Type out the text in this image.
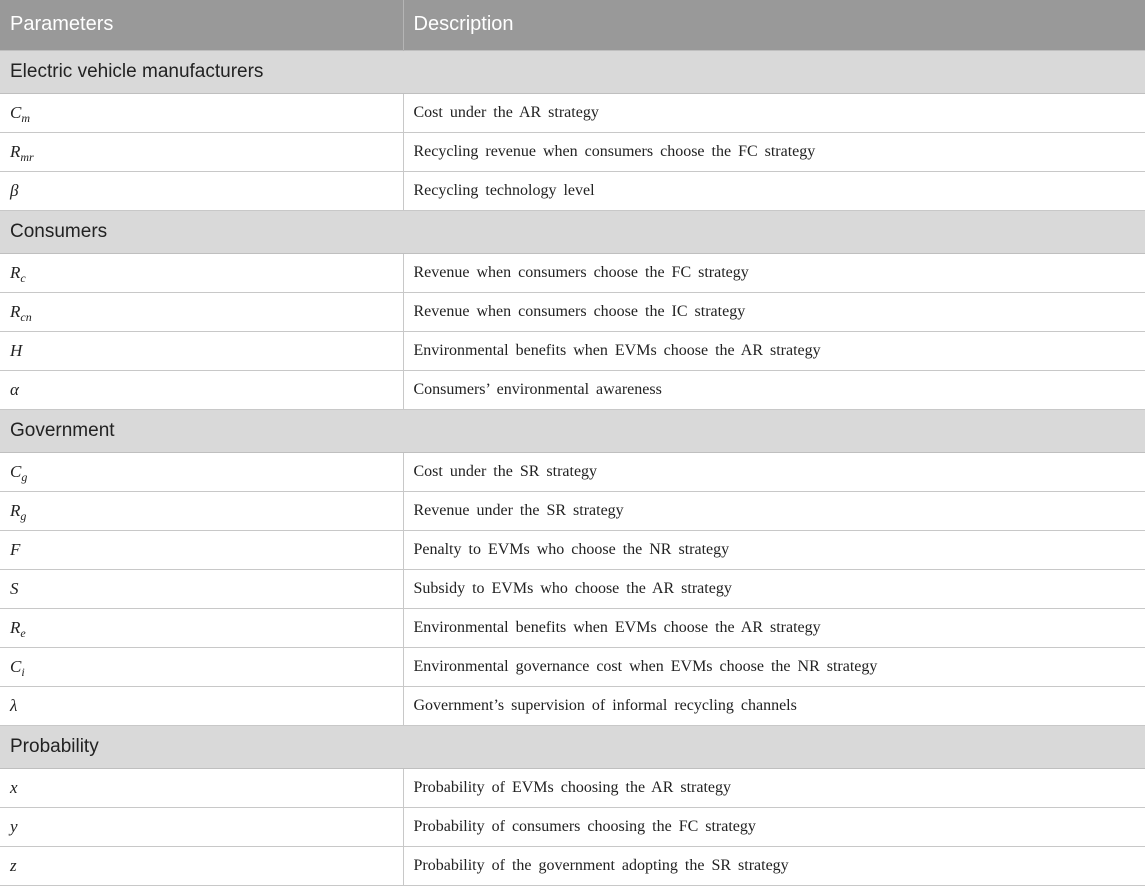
Parameters	Description
Electric vehicle manufacturers	
$C_m$	Cost under the AR strategy
$R_{mr}$	Recycling revenue when consumers choose the FC strategy
β	Recycling technology level
Consumers	
$R_c$	Revenue when consumers choose the FC strategy
$R_{cn}$	Revenue when consumers choose the IC strategy
H	Environmental benefits when EVMs choose the AR strategy
α	Consumers’ environmental awareness
Government	
$C_g$	Cost under the SR strategy
$R_g$	Revenue under the SR strategy
F	Penalty to EVMs who choose the NR strategy
S	Subsidy to EVMs who choose the AR strategy
$R_e$	Environmental benefits when EVMs choose the AR strategy
$C_i$	Environmental governance cost when EVMs choose the NR strategy
λ	Government’s supervision of informal recycling channels
Probability	
x	Probability of EVMs choosing the AR strategy
y	Probability of consumers choosing the FC strategy
z	Probability of the government adopting the SR strategy
